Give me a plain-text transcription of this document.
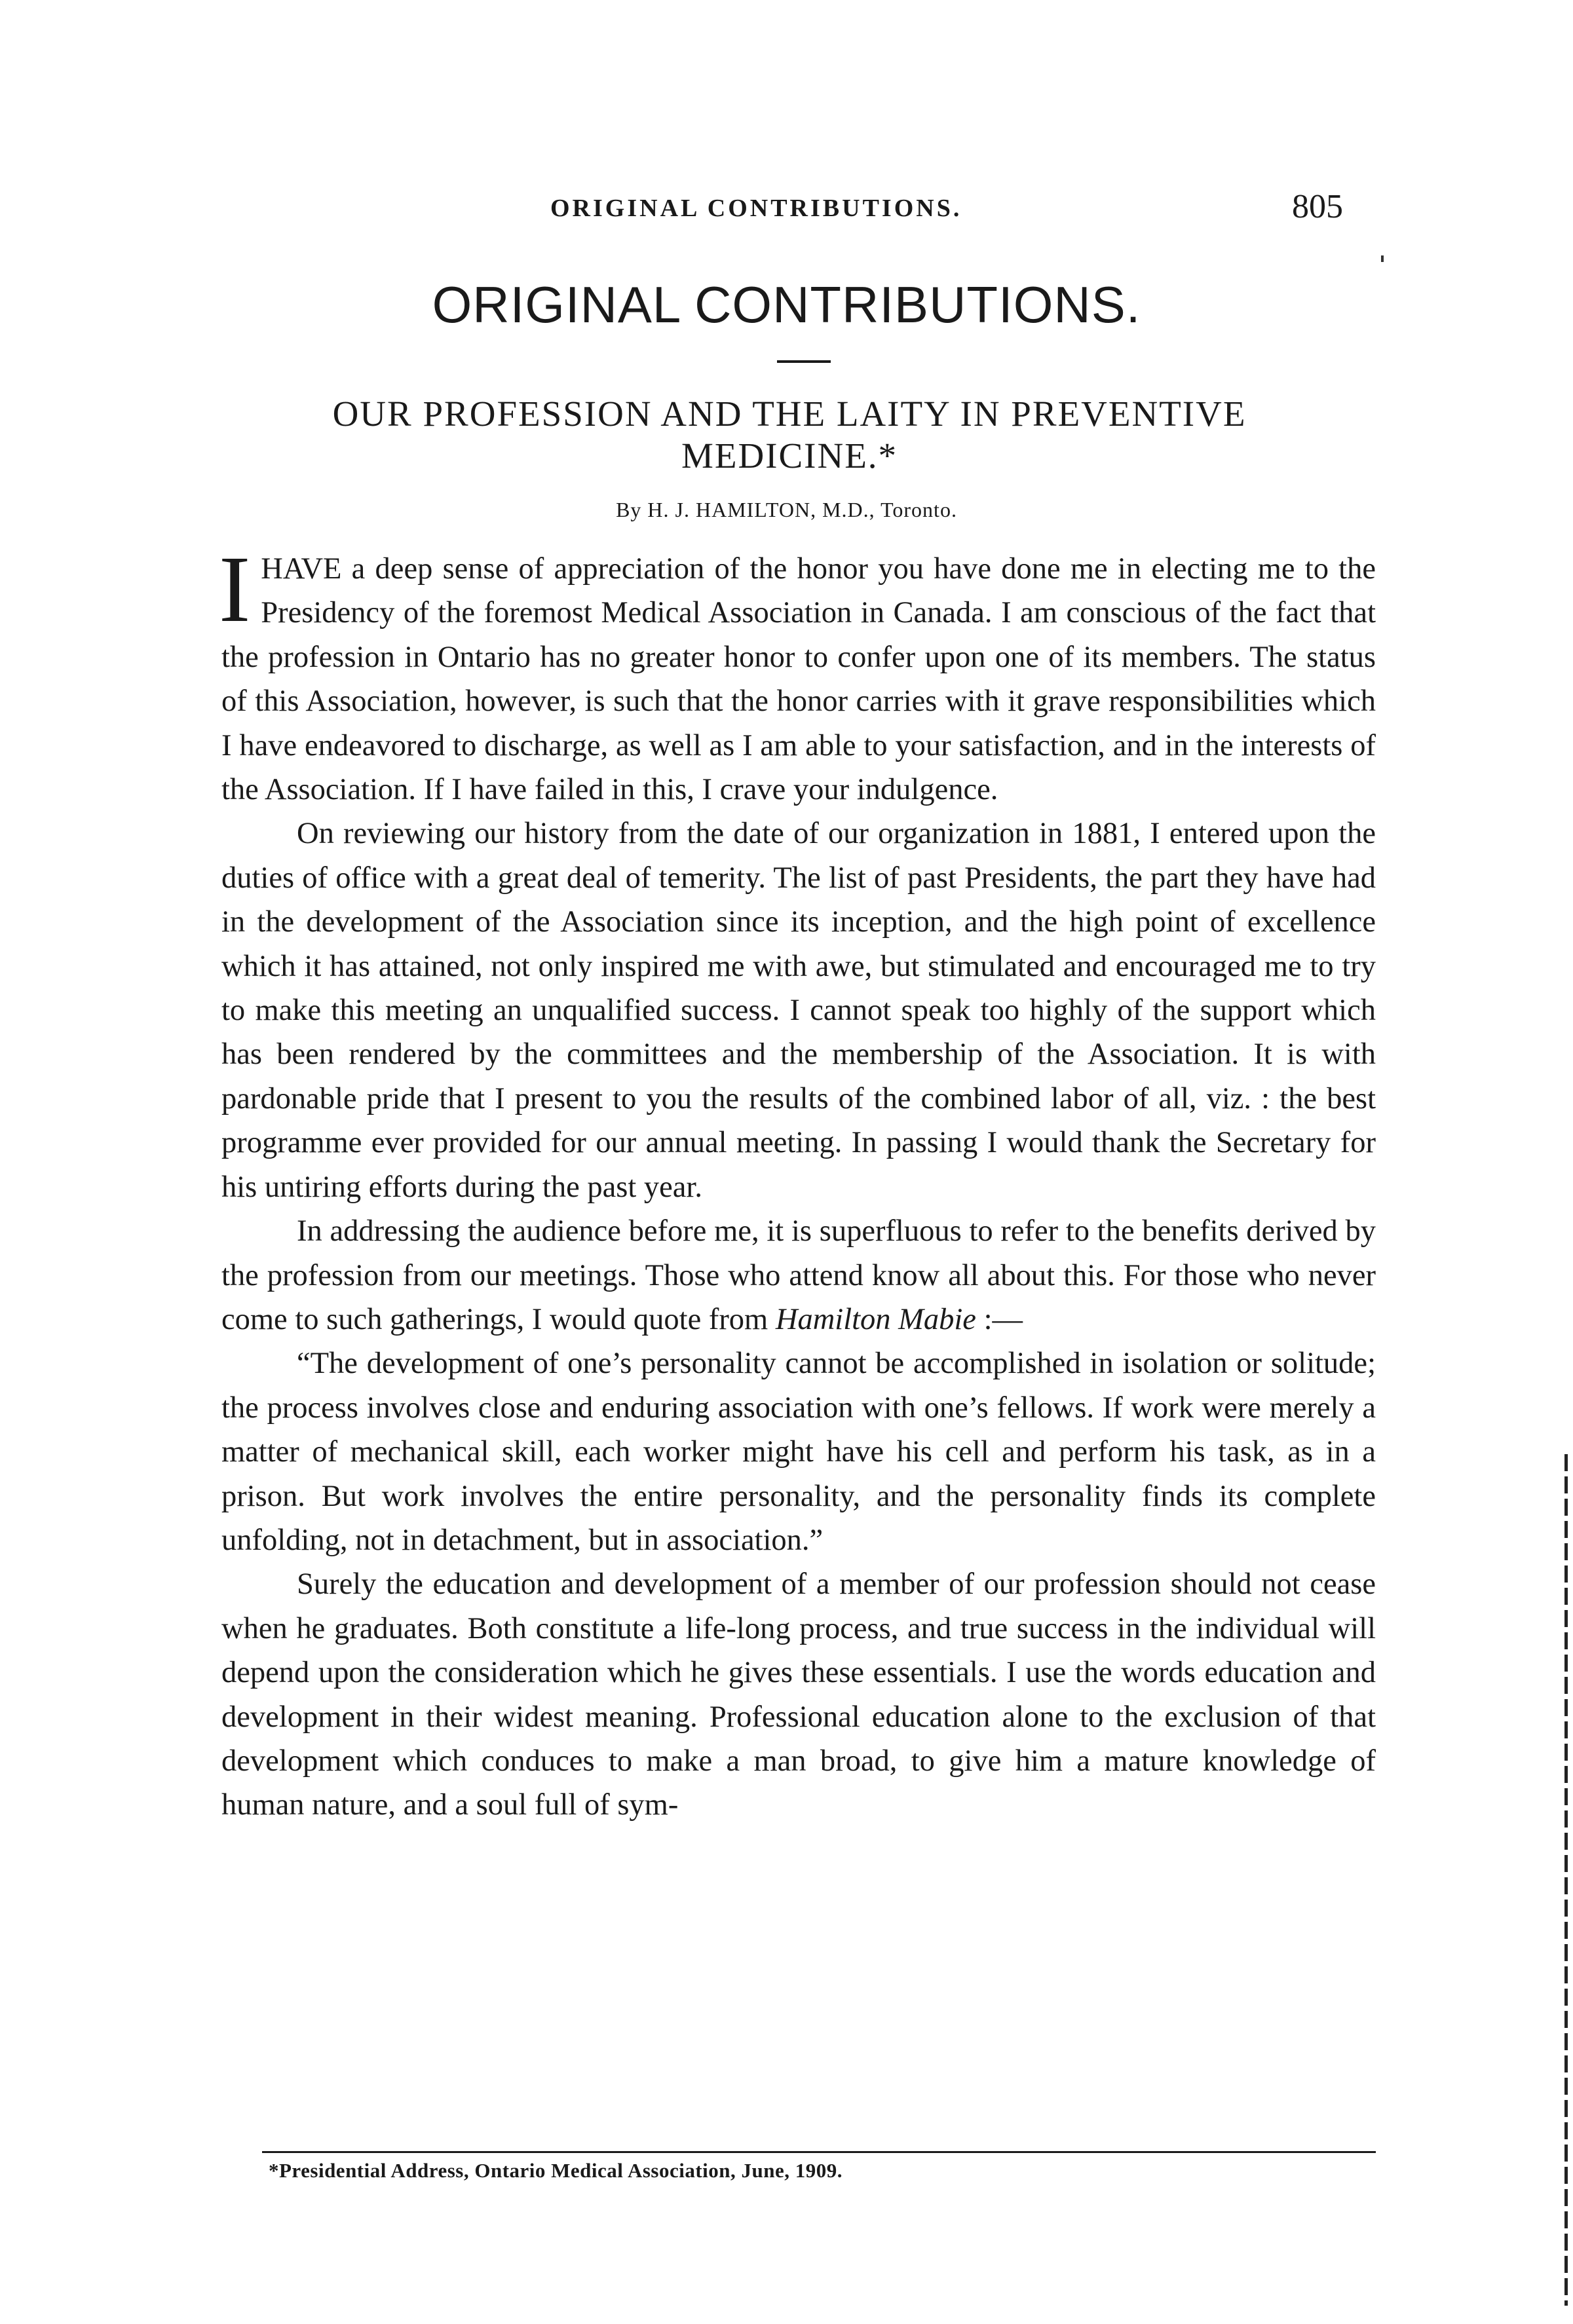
ORIGINAL CONTRIBUTIONS.	805
ORIGINAL CONTRIBUTIONS.
OUR PROFESSION AND THE LAITY IN PREVENTIVE MEDICINE.*
By H. J. HAMILTON, M.D., Toronto.

IHAVE a deep sense of appreciation of the honor you have done me in electing me to the Presidency of the foremost Medical Association in Canada. I am conscious of the fact that the profession in Ontario has no greater honor to confer upon one of its members. The status of this Association, however, is such that the honor carries with it grave responsibilities which I have endeavored to discharge, as well as I am able to your satisfaction, and in the interests of the Association. If I have failed in this, I crave your indulgence.

On reviewing our history from the date of our organization in 1881, I entered upon the duties of office with a great deal of temerity. The list of past Presidents, the part they have had in the development of the Association since its inception, and the high point of excellence which it has attained, not only inspired me with awe, but stimulated and encouraged me to try to make this meeting an unqualified success. I cannot speak too highly of the support which has been rendered by the committees and the membership of the Association. It is with pardonable pride that I present to you the results of the combined labor of all, viz. : the best programme ever provided for our annual meeting. In passing I would thank the Secretary for his untiring efforts during the past year.

In addressing the audience before me, it is superfluous to refer to the benefits derived by the profession from our meetings. Those who attend know all about this. For those who never come to such gatherings, I would quote from Hamilton Mabie :—

“The development of one’s personality cannot be accomplished in isolation or solitude; the process involves close and enduring association with one’s fellows. If work were merely a matter of mechanical skill, each worker might have his cell and perform his task, as in a prison. But work involves the entire personality, and the personality finds its complete unfolding, not in detachment, but in association.”

Surely the education and development of a member of our profession should not cease when he graduates. Both constitute a life-long process, and true success in the individual will depend upon the consideration which he gives these essentials. I use the words education and development in their widest meaning. Professional education alone to the exclusion of that development which conduces to make a man broad, to give him a mature knowledge of human nature, and a soul full of sym-

*Presidential Address, Ontario Medical Association, June, 1909.
